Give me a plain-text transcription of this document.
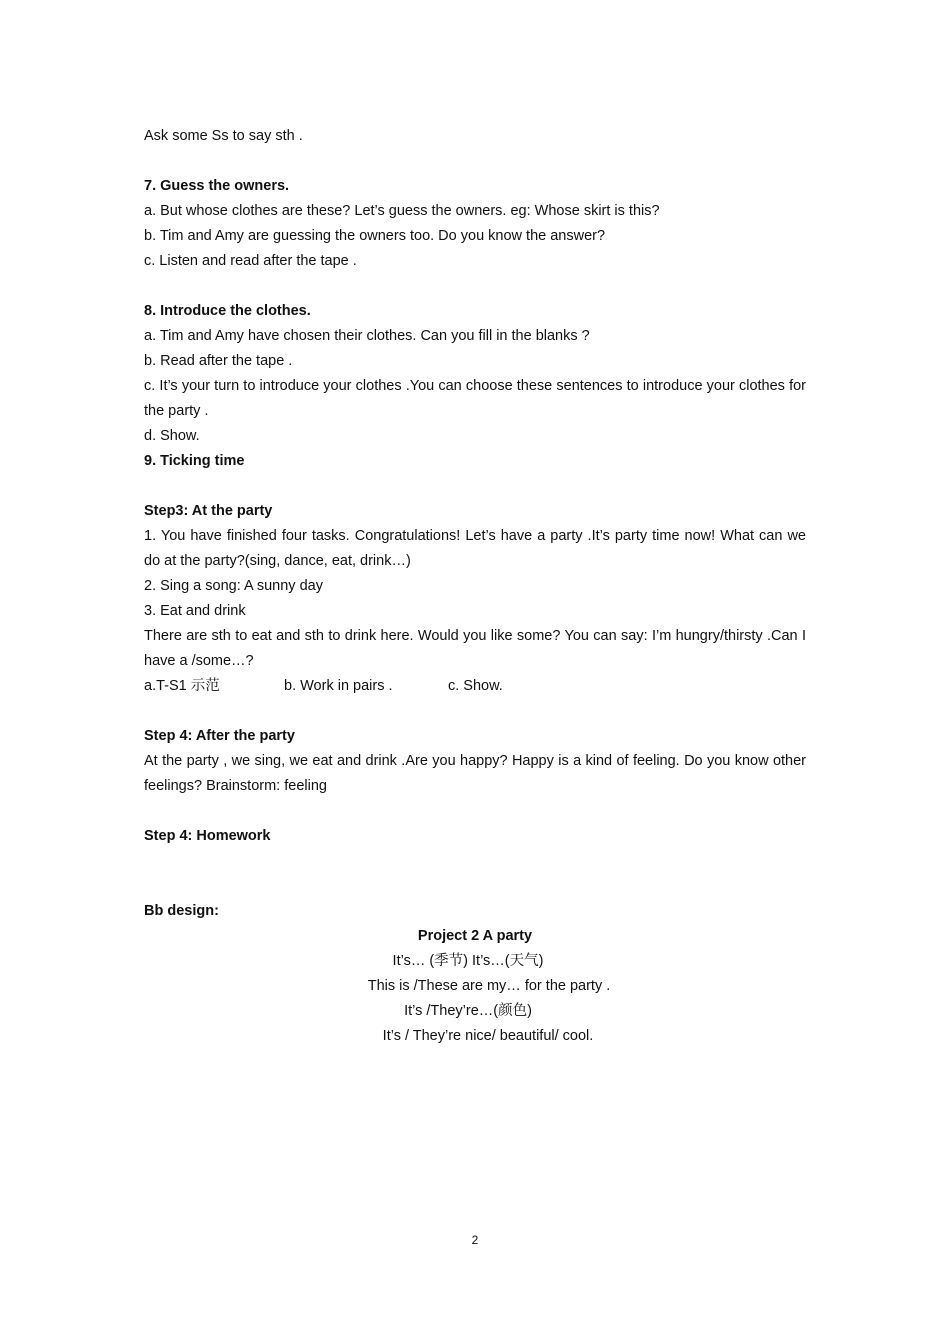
Ask some Ss to say sth .
7. Guess the owners.
a. But whose clothes are these? Let’s guess the owners. eg: Whose skirt is this?
b. Tim and Amy are guessing the owners too. Do you know the answer?
c. Listen and read after the tape .
8. Introduce the clothes.
a. Tim and Amy have chosen their clothes. Can you fill in the blanks ?
b. Read after the tape .
c. It’s your turn to introduce your clothes .You can choose these sentences to introduce your clothes for the party .
d. Show.
9. Ticking time
Step3: At the party
1. You have finished four tasks. Congratulations! Let’s have a party .It’s party time now! What can we do at the party?(sing, dance, eat, drink…)
2. Sing a song: A sunny day
3. Eat and drink
There are sth to eat and sth to drink here. Would you like some? You can say: I’m hungry/thirsty .Can I have a /some…?
a.T-S1 示范	b. Work in pairs .	c. Show.
Step 4: After the party
At the party , we sing, we eat and drink .Are you happy? Happy is a kind of feeling. Do you know other feelings? Brainstorm: feeling
Step 4: Homework
Bb design:
Project 2 A party
It’s… (季节) It’s…(天气)
This is /These are my… for the party .
It’s /They’re…(颜色)
It’s / They’re nice/ beautiful/ cool.
2
